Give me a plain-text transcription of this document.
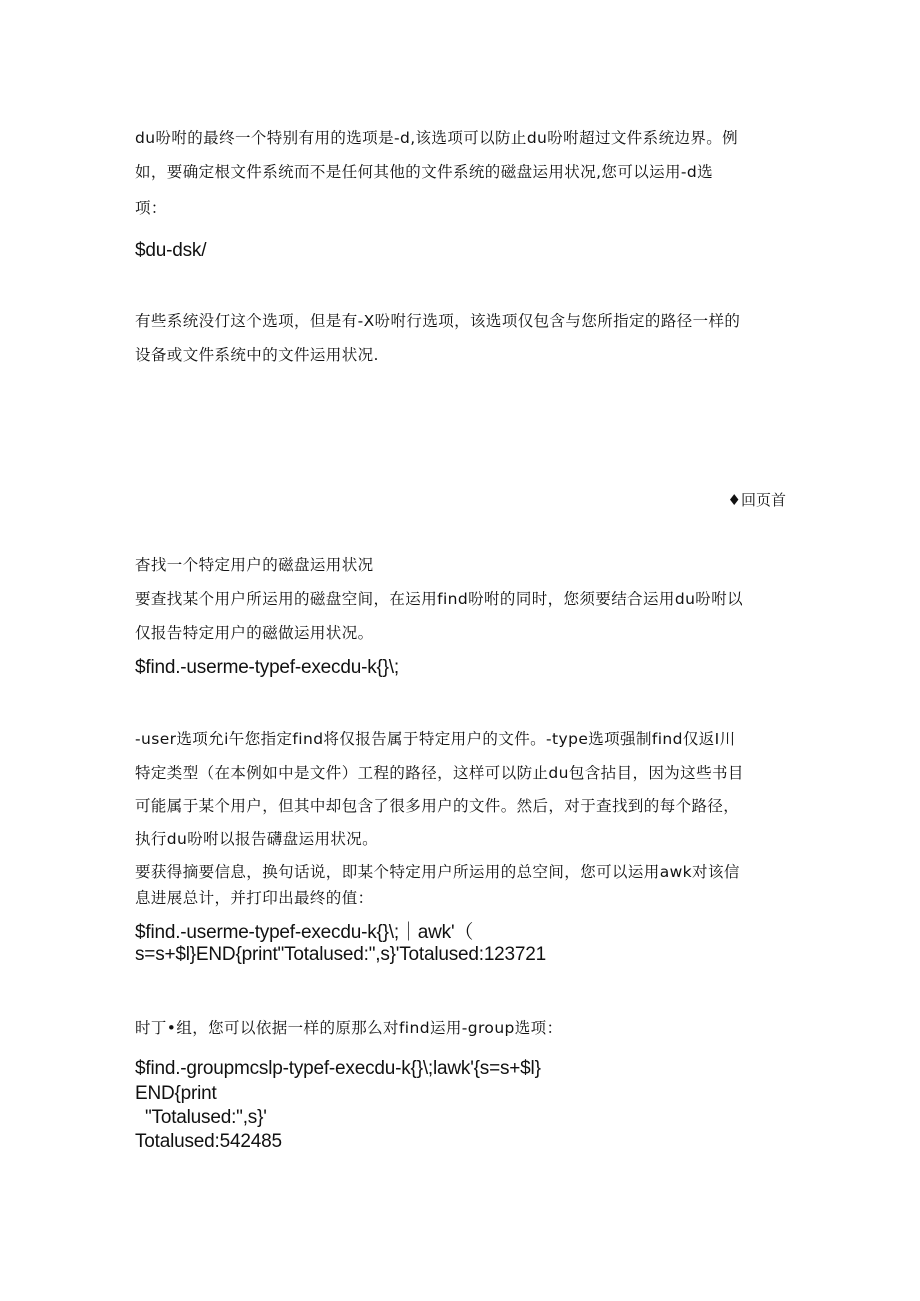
du吩咐的最终一个特别有用的选项是-d,该选项可以防止du吩咐超过文件系统边界。例
如，要确定根文件系统而不是任何其他的文件系统的磁盘运用状况,您可以运用-d选
项：
$du-dsk/
有些系统没仃这个选项，但是有-X吩咐行选项，该选项仅包含与您所指定的路径一样的
设备或文件系统中的文件运用状况.
♦回页首
杳找一个特定用户的磁盘运用状况
要查找某个用户所运用的磁盘空间，在运用find吩咐的同时，您须要结合运用du吩咐以
仅报告特定用户的磁做运用状况。
$find.-userme-typef-execdu-k{}\;
-user选项允i午您指定find将仅报告属于特定用户的文件。-type选项强制find仅返Ⅰ川
特定类型（在本例如中是文件）工程的路径，这样可以防止du包含拈目，因为这些书目
可能属于某个用户，但其中却包含了很多用户的文件。然后，对于查找到的每个路径，
执行du吩咐以报告礴盘运用状况。
要获得摘要信息，换句话说，即某个特定用户所运用的总空间，您可以运用awk对该信
息进展总计，并打印出最终的值：
$find.-userme-typef-execdu-k{}\;｜awk'（
s=s+$l}END{print"Totalused:",s}'Totalused:123721
时丁•组，您可以依据一样的原那么对find运用-group选项：
$find.-groupmcslp-typef-execdu-k{}\;lawk'{s=s+$l}
END{print
"Totalused:",s}'
Totalused:542485
